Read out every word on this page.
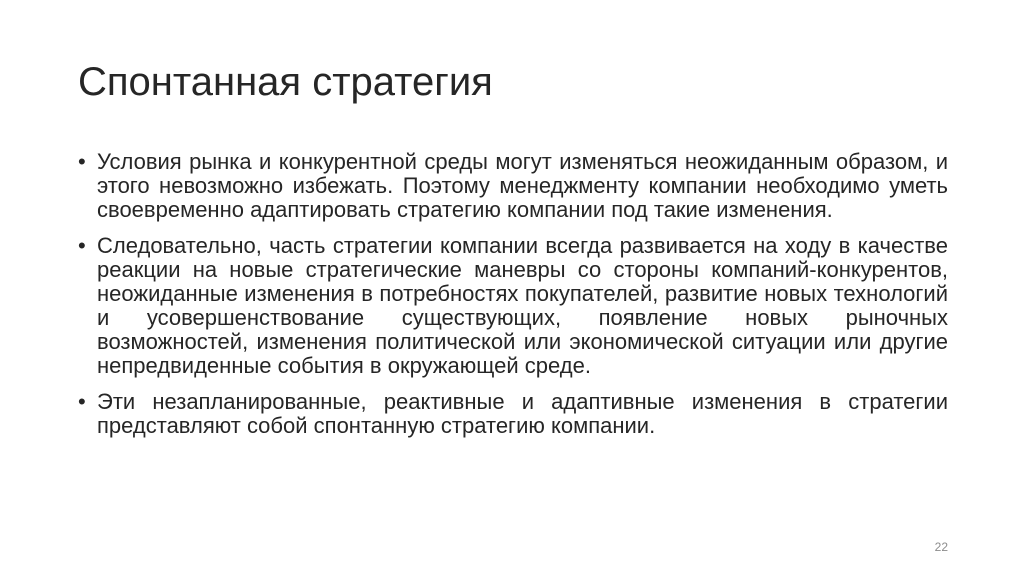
Спонтанная стратегия
• Условия рынка и конкурентной среды могут изменяться неожиданным образом, и этого невозможно избежать. Поэтому менеджменту компании необходимо уметь своевременно адаптировать стратегию компании под такие изменения.
• Следовательно, часть стратегии компании всегда развивается на ходу в качестве реакции на новые стратегические маневры со стороны компаний-конкурентов, неожиданные изменения в потребностях покупателей, развитие новых технологий и усовершенствование существующих, появление новых рыночных возможностей, изменения политической или экономической ситуации или другие непредвиденные события в окружающей среде.
• Эти незапланированные, реактивные и адаптивные изменения в стратегии представляют собой спонтанную стратегию компании.
22
